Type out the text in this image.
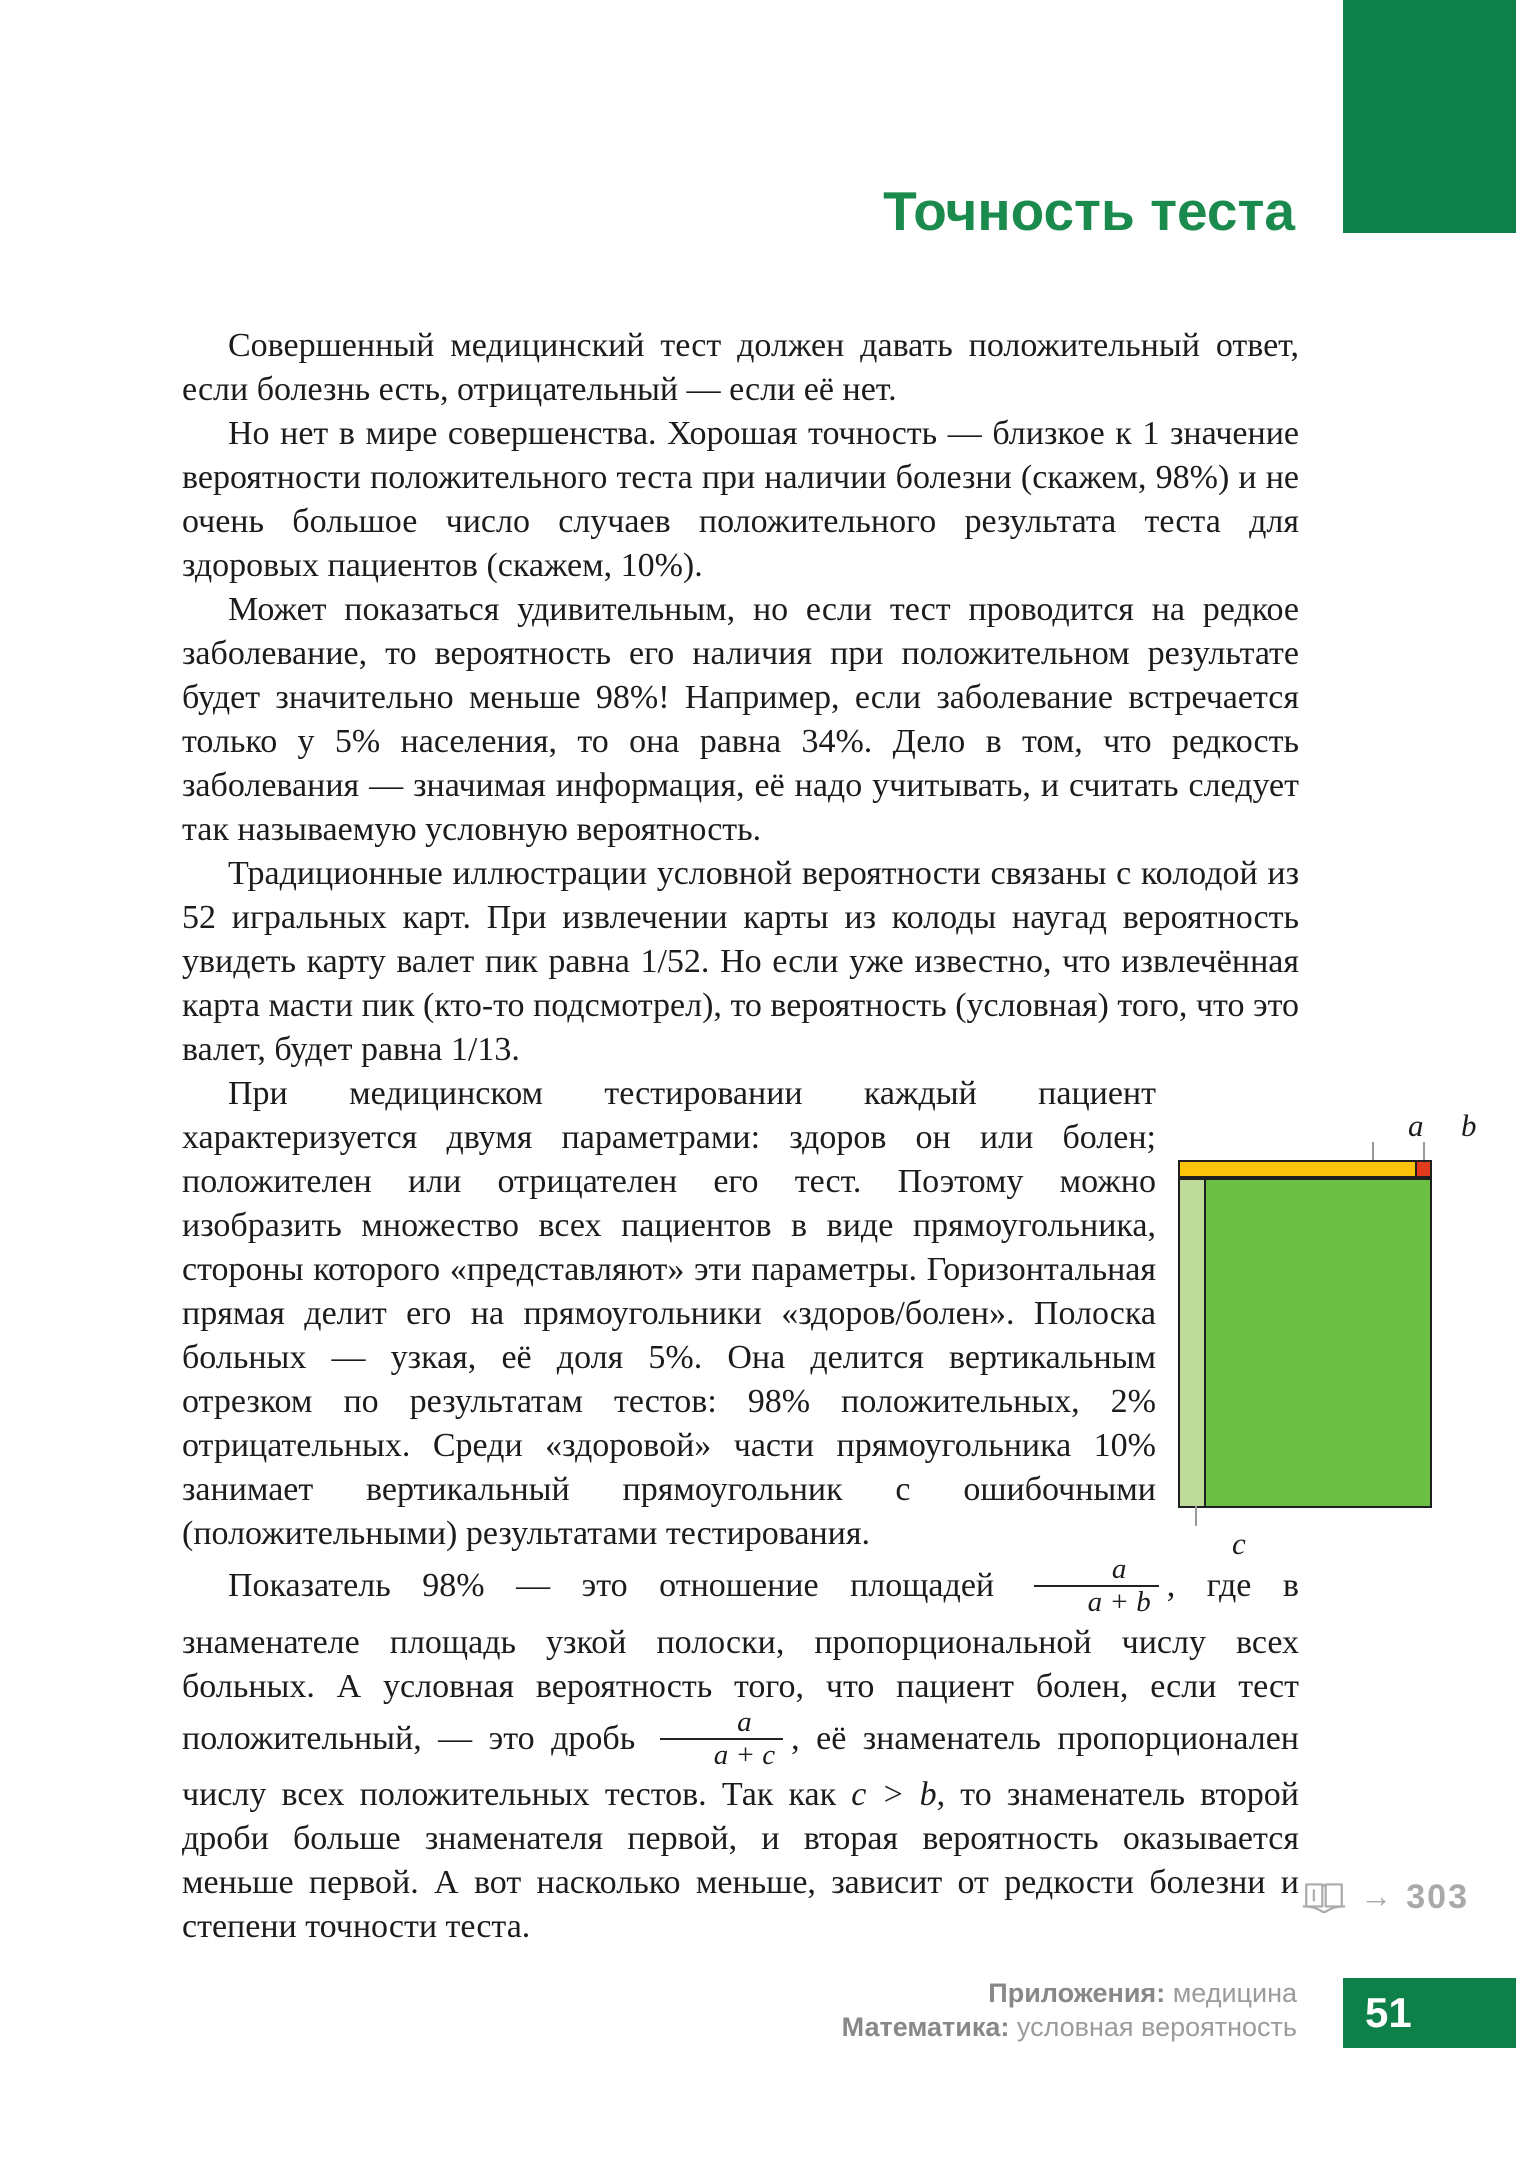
Точность теста

Совершенный медицинский тест должен давать положительный ответ, если болезнь есть, отрицательный — если её нет.

Но нет в мире совершенства. Хорошая точность — близкое к 1 значение вероятности положительного теста при наличии болезни (скажем, 98%) и не очень большое число случаев положительного результата теста для здоровых пациентов (скажем, 10%).

Может показаться удивительным, но если тест проводится на редкое заболевание, то вероятность его наличия при положительном результате будет значительно меньше 98%! Например, если заболевание встречается только у 5% населения, то она равна 34%. Дело в том, что редкость заболевания — значимая информация, её надо учитывать, и считать следует так называемую условную вероятность.

Традиционные иллюстрации условной вероятности связаны с колодой из 52 игральных карт. При извлечении карты из колоды наугад вероятность увидеть карту валет пик равна 1/52. Но если уже известно, что извлечённая карта масти пик (кто-то подсмотрел), то вероятность (условная) того, что это валет, будет равна 1/13.

a	b
c
При медицинском тестировании каждый пациент характеризуется двумя параметрами: здоров он или болен; положителен или отрицателен его тест. Поэтому можно изобразить множество всех пациентов в виде прямоугольника, стороны которого «представляют» эти параметры. Горизонтальная прямая делит его на прямоугольники «здоров/болен». Полоска больных — узкая, её доля 5%. Она делится вертикальным отрезком по результатам тестов: 98% положительных, 2% отрицательных. Среди «здоровой» части прямоугольника 10% занимает вертикальный прямоугольник с ошибочными (положительными) результатами тестирования.

Показатель 98% — это отношение площадей $\frac{a}{a + b}$ , где в знаменателе площадь узкой полоски, пропорциональной числу всех больных. А условная вероятность того, что пациент болен, если тест положительный, — это дробь $\frac{a}{a + c}$ , её знаменатель пропорционален числу всех положительных тестов. Так как c > b, то знаменатель второй дроби больше знаменателя первой, и вторая вероятность оказывается меньше первой. А вот насколько меньше, зависит от редкости болезни и степени точности теста.

→ 303
Приложения: медицина
Математика: условная вероятность 51
